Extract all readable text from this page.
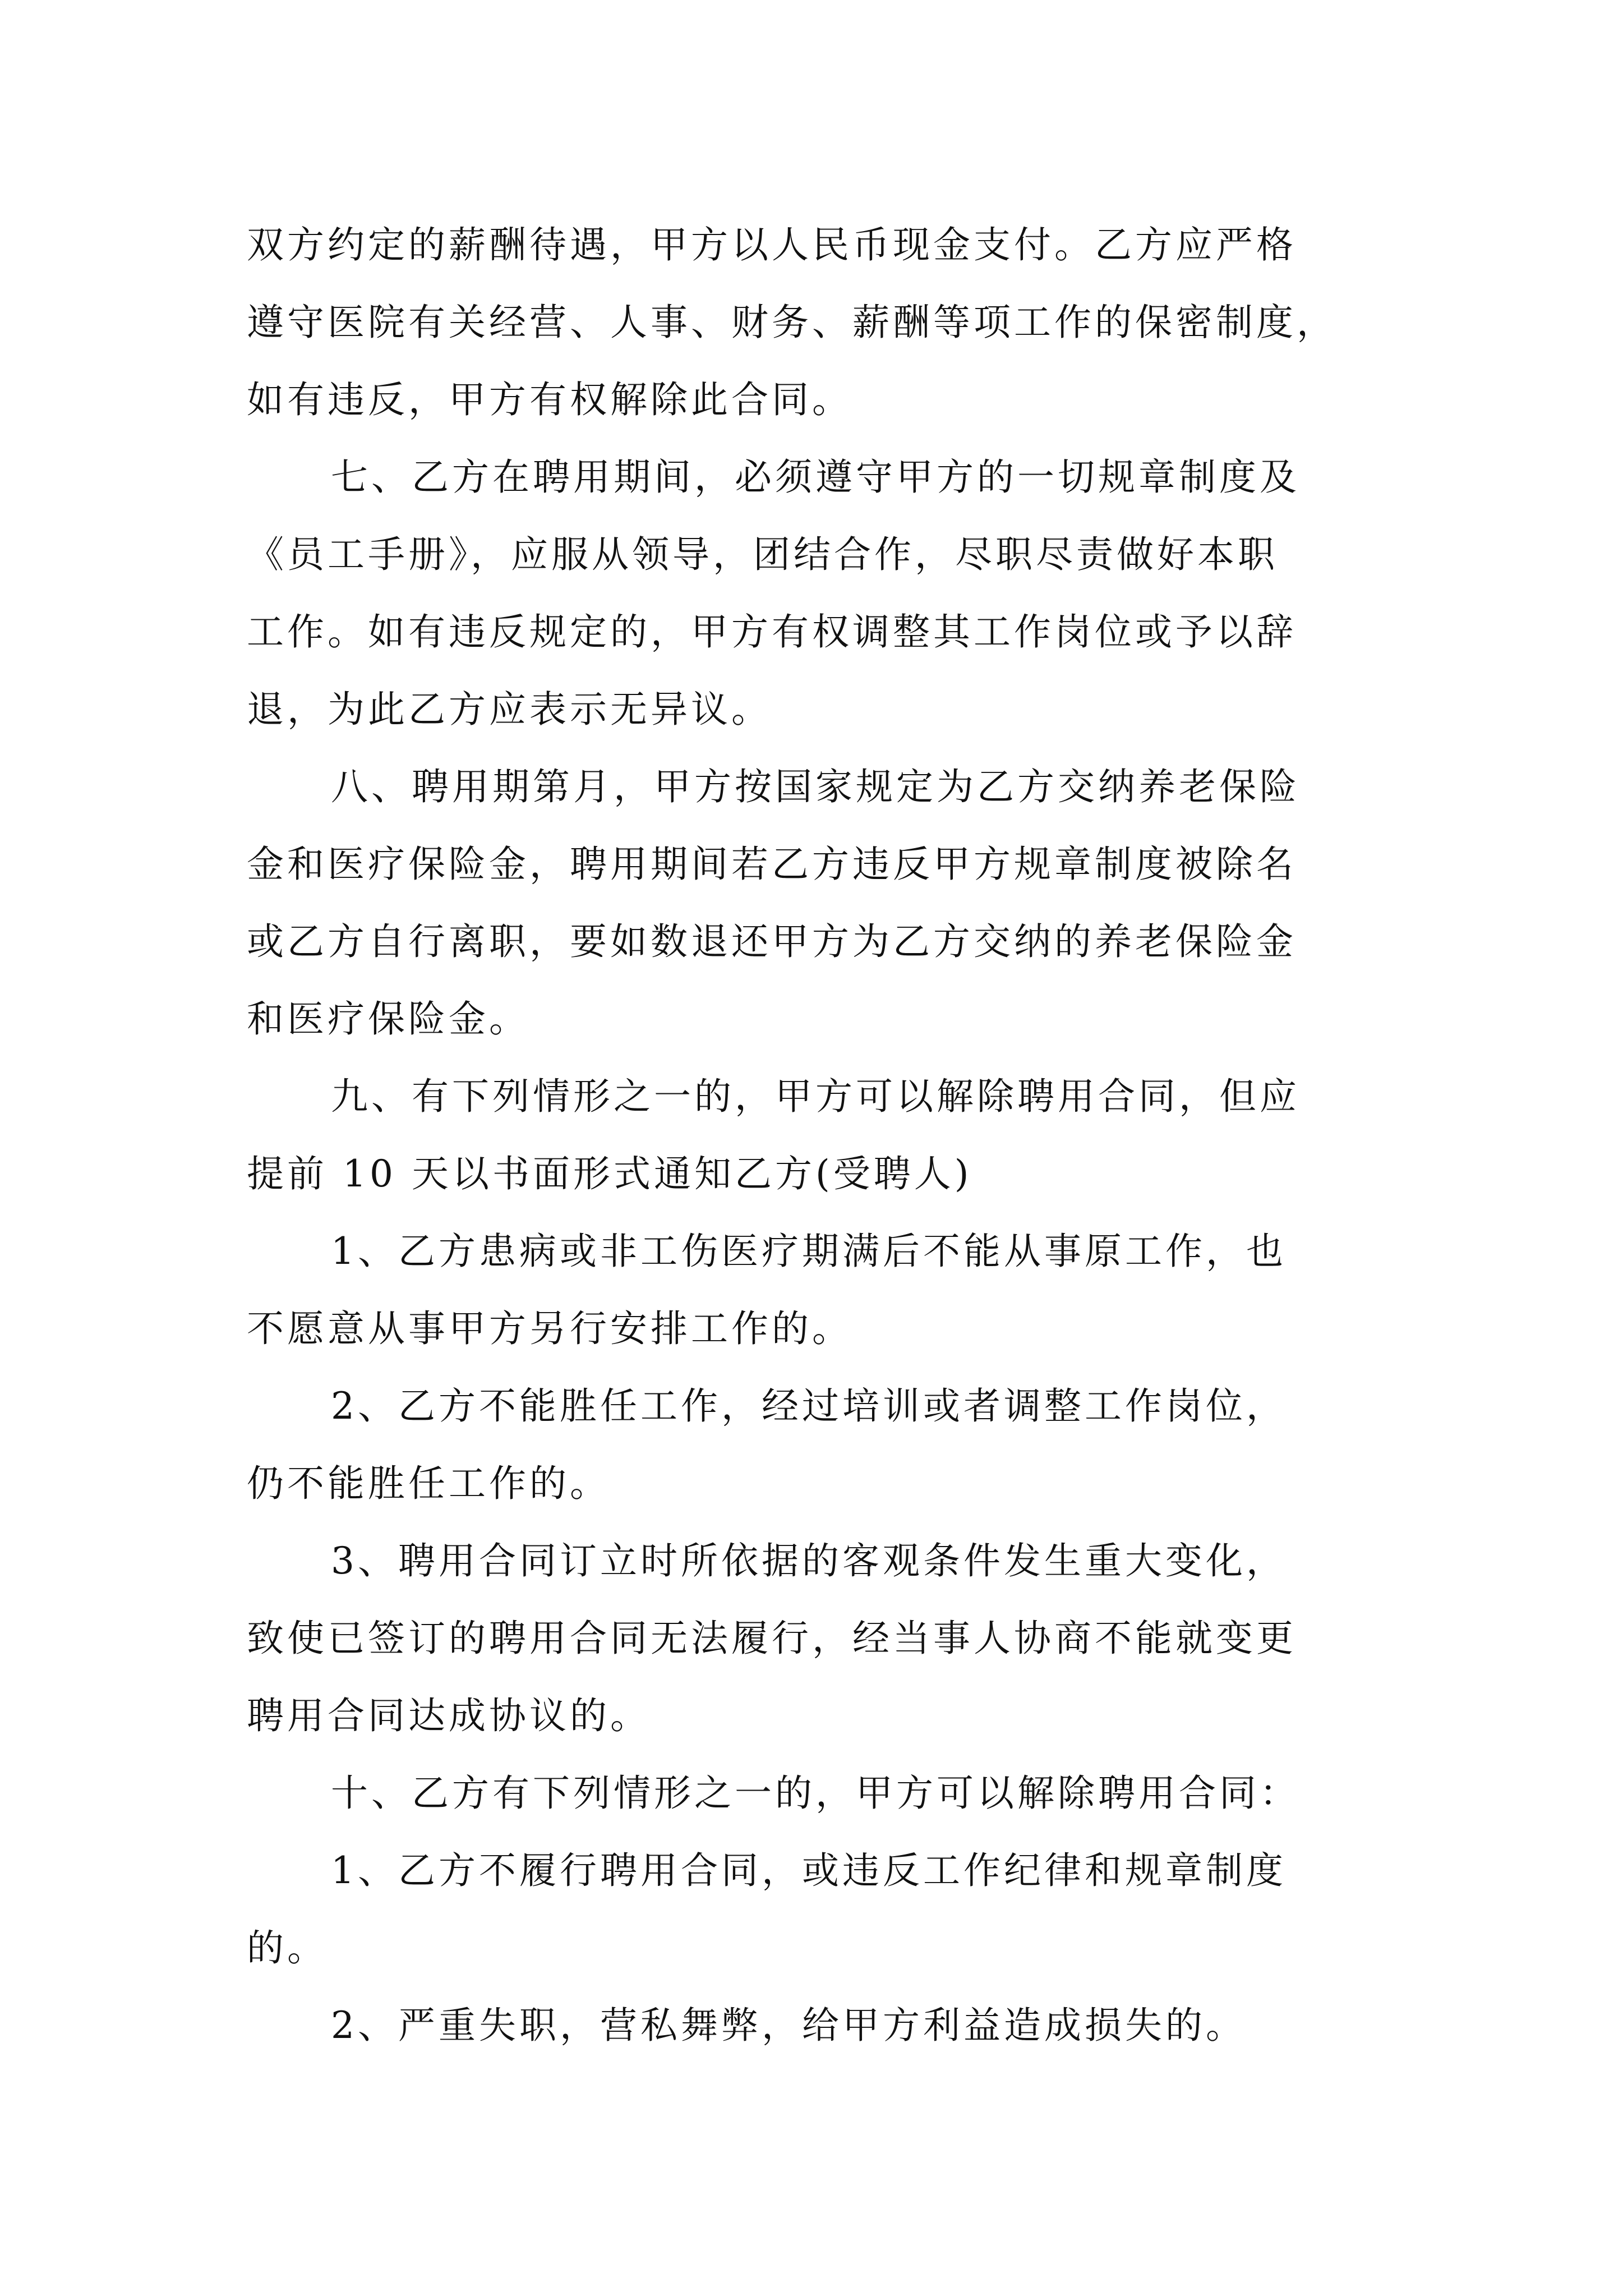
双方约定的薪酬待遇，甲方以人民币现金支付。乙方应严格
遵守医院有关经营、人事、财务、薪酬等项工作的保密制度，
如有违反，甲方有权解除此合同。

七、乙方在聘用期间，必须遵守甲方的一切规章制度及
《员工手册》，应服从领导，团结合作，尽职尽责做好本职
工作。如有违反规定的，甲方有权调整其工作岗位或予以辞
退，为此乙方应表示无异议。

八、聘用期第月，甲方按国家规定为乙方交纳养老保险
金和医疗保险金，聘用期间若乙方违反甲方规章制度被除名
或乙方自行离职，要如数退还甲方为乙方交纳的养老保险金
和医疗保险金。

九、有下列情形之一的，甲方可以解除聘用合同，但应
提前 10 天以书面形式通知乙方(受聘人)

1、乙方患病或非工伤医疗期满后不能从事原工作，也
不愿意从事甲方另行安排工作的。

2、乙方不能胜任工作，经过培训或者调整工作岗位，
仍不能胜任工作的。

3、聘用合同订立时所依据的客观条件发生重大变化，
致使已签订的聘用合同无法履行，经当事人协商不能就变更
聘用合同达成协议的。

十、乙方有下列情形之一的，甲方可以解除聘用合同：

1、乙方不履行聘用合同，或违反工作纪律和规章制度
的。

2、严重失职，营私舞弊，给甲方利益造成损失的。
